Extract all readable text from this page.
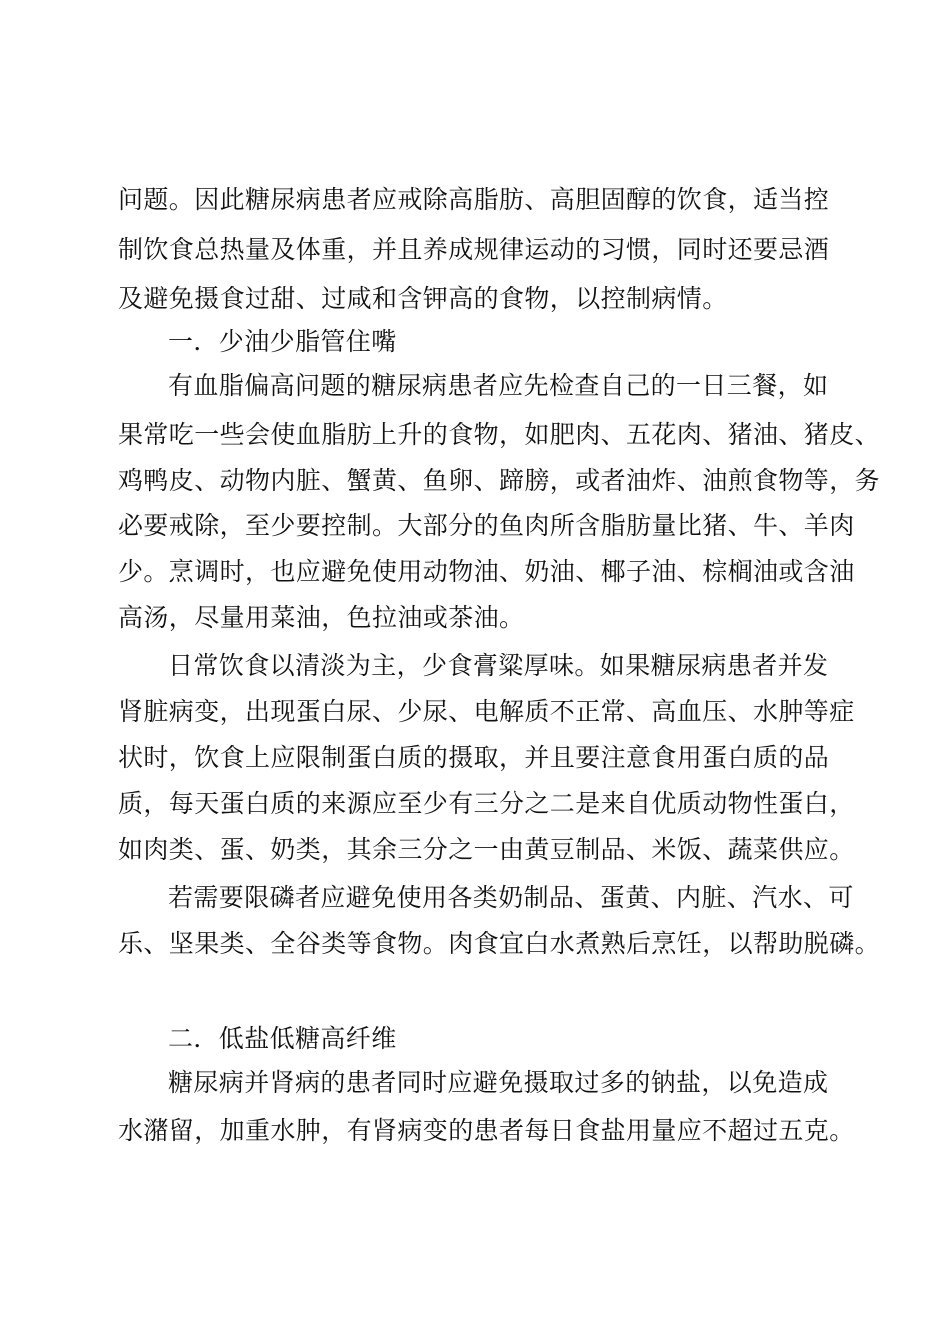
问题。因此糖尿病患者应戒除高脂肪、高胆固醇的饮食，适当控
制饮食总热量及体重，并且养成规律运动的习惯，同时还要忌酒
及避免摄食过甜、过咸和含钾高的食物，以控制病情。
一．少油少脂管住嘴
有血脂偏高问题的糖尿病患者应先检查自己的一日三餐，如
果常吃一些会使血脂肪上升的食物，如肥肉、五花肉、猪油、猪皮、
鸡鸭皮、动物内脏、蟹黄、鱼卵、蹄膀，或者油炸、油煎食物等，务
必要戒除，至少要控制。大部分的鱼肉所含脂肪量比猪、牛、羊肉
少。烹调时，也应避免使用动物油、奶油、椰子油、棕榈油或含油
高汤，尽量用菜油，色拉油或茶油。
日常饮食以清淡为主，少食膏粱厚味。如果糖尿病患者并发
肾脏病变，出现蛋白尿、少尿、电解质不正常、高血压、水肿等症
状时，饮食上应限制蛋白质的摄取，并且要注意食用蛋白质的品
质，每天蛋白质的来源应至少有三分之二是来自优质动物性蛋白，
如肉类、蛋、奶类，其余三分之一由黄豆制品、米饭、蔬菜供应。
若需要限磷者应避免使用各类奶制品、蛋黄、内脏、汽水、可
乐、坚果类、全谷类等食物。肉食宜白水煮熟后烹饪，以帮助脱磷。
二．低盐低糖高纤维
糖尿病并肾病的患者同时应避免摄取过多的钠盐，以免造成
水潴留，加重水肿，有肾病变的患者每日食盐用量应不超过五克。
